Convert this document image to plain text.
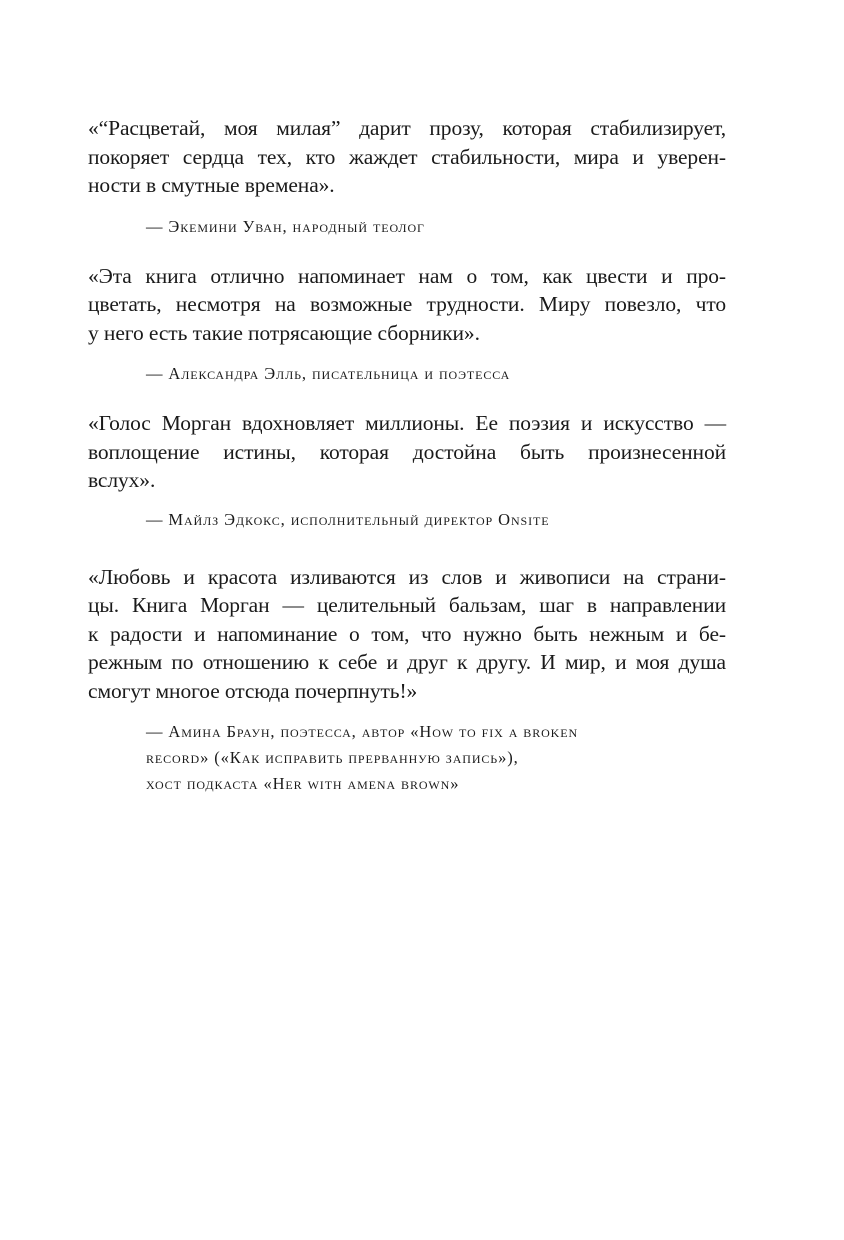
«“Расцветай, моя милая” дарит прозу, которая стабилизирует,
покоряет сердца тех, кто жаждет стабильности, мира и уверен-
ности в смутные времена».

— Экемини Уван, народный теолог

«Эта книга отлично напоминает нам о том, как цвести и про-
цветать, несмотря на возможные трудности. Миру повезло, что
у него есть такие потрясающие сборники».

— Александра Элль, писательница и поэтесса

«Голос Морган вдохновляет миллионы. Ее поэзия и искусство —
воплощение истины, которая достойна быть произнесенной
вслух».

— Майлз Эдкокс, исполнительный директор Onsite

«Любовь и красота изливаются из слов и живописи на страни-
цы. Книга Морган — целительный бальзам, шаг в направлении
к радости и напоминание о том, что нужно быть нежным и бе-
режным по отношению к себе и друг к другу. И мир, и моя душа
смогут многое отсюда почерпнуть!»

— Амина Браун, поэтесса, автор «How to fix a broken
record» («Как исправить прерванную запись»),
хост подкаста «Her with amena brown»
